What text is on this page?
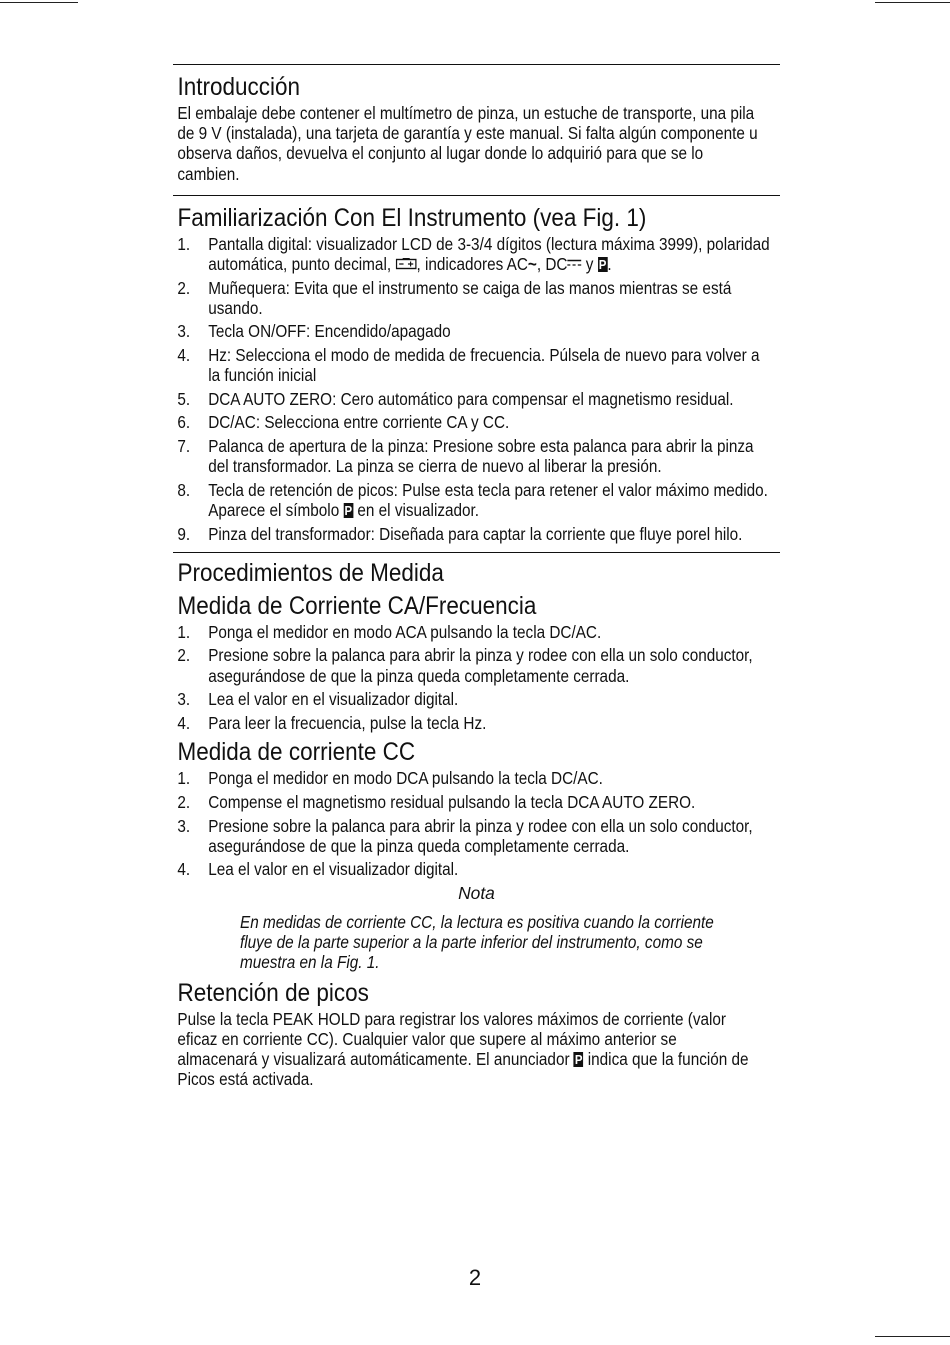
Introducción

El embalaje debe contener el multímetro de pinza, un estuche de transporte, una pila de 9 V (instalada), una tarjeta de garantía y este manual. Si falta algún componente u observa daños, devuelva el conjunto al lugar donde lo adquirió para que se lo cambien.

Familiarización Con El Instrumento (vea Fig. 1)
1. Pantalla digital: visualizador LCD de 3-3/4 dígitos (lectura máxima 3999), polaridad automática, punto decimal, , indicadores AC~, DC y P.
2. Muñequera: Evita que el instrumento se caiga de las manos mientras se está usando.
3. Tecla ON/OFF: Encendido/apagado
4. Hz: Selecciona el modo de medida de frecuencia. Púlsela de nuevo para volver a la función inicial
5. DCA AUTO ZERO: Cero automático para compensar el magnetismo residual.
6. DC/AC: Selecciona entre corriente CA y CC.
7. Palanca de apertura de la pinza: Presione sobre esta palanca para abrir la pinza del transformador. La pinza se cierra de nuevo al liberar la presión.
8. Tecla de retención de picos: Pulse esta tecla para retener el valor máximo medido. Aparece el símbolo P en el visualizador.
9. Pinza del transformador: Diseñada para captar la corriente que fluye porel hilo.
Procedimientos de Medida
Medida de Corriente CA/Frecuencia
1. Ponga el medidor en modo ACA pulsando la tecla DC/AC.
2. Presione sobre la palanca para abrir la pinza y rodee con ella un solo conductor, asegurándose de que la pinza queda completamente cerrada.
3. Lea el valor en el visualizador digital.
4. Para leer la frecuencia, pulse la tecla Hz.
Medida de corriente CC
1. Ponga el medidor en modo DCA pulsando la tecla DC/AC.
2. Compense el magnetismo residual pulsando la tecla DCA AUTO ZERO.
3. Presione sobre la palanca para abrir la pinza y rodee con ella un solo conductor, asegurándose de que la pinza queda completamente cerrada.
4. Lea el valor en el visualizador digital.
Nota

En medidas de corriente CC, la lectura es positiva cuando la corriente fluye de la parte superior a la parte inferior del instrumento, como se muestra en la Fig. 1.

Retención de picos

Pulse la tecla PEAK HOLD para registrar los valores máximos de corriente (valor eficaz en corriente CC). Cualquier valor que supere al máximo anterior se almacenará y visualizará automáticamente. El anunciador P indica que la función de Picos está activada.

2
